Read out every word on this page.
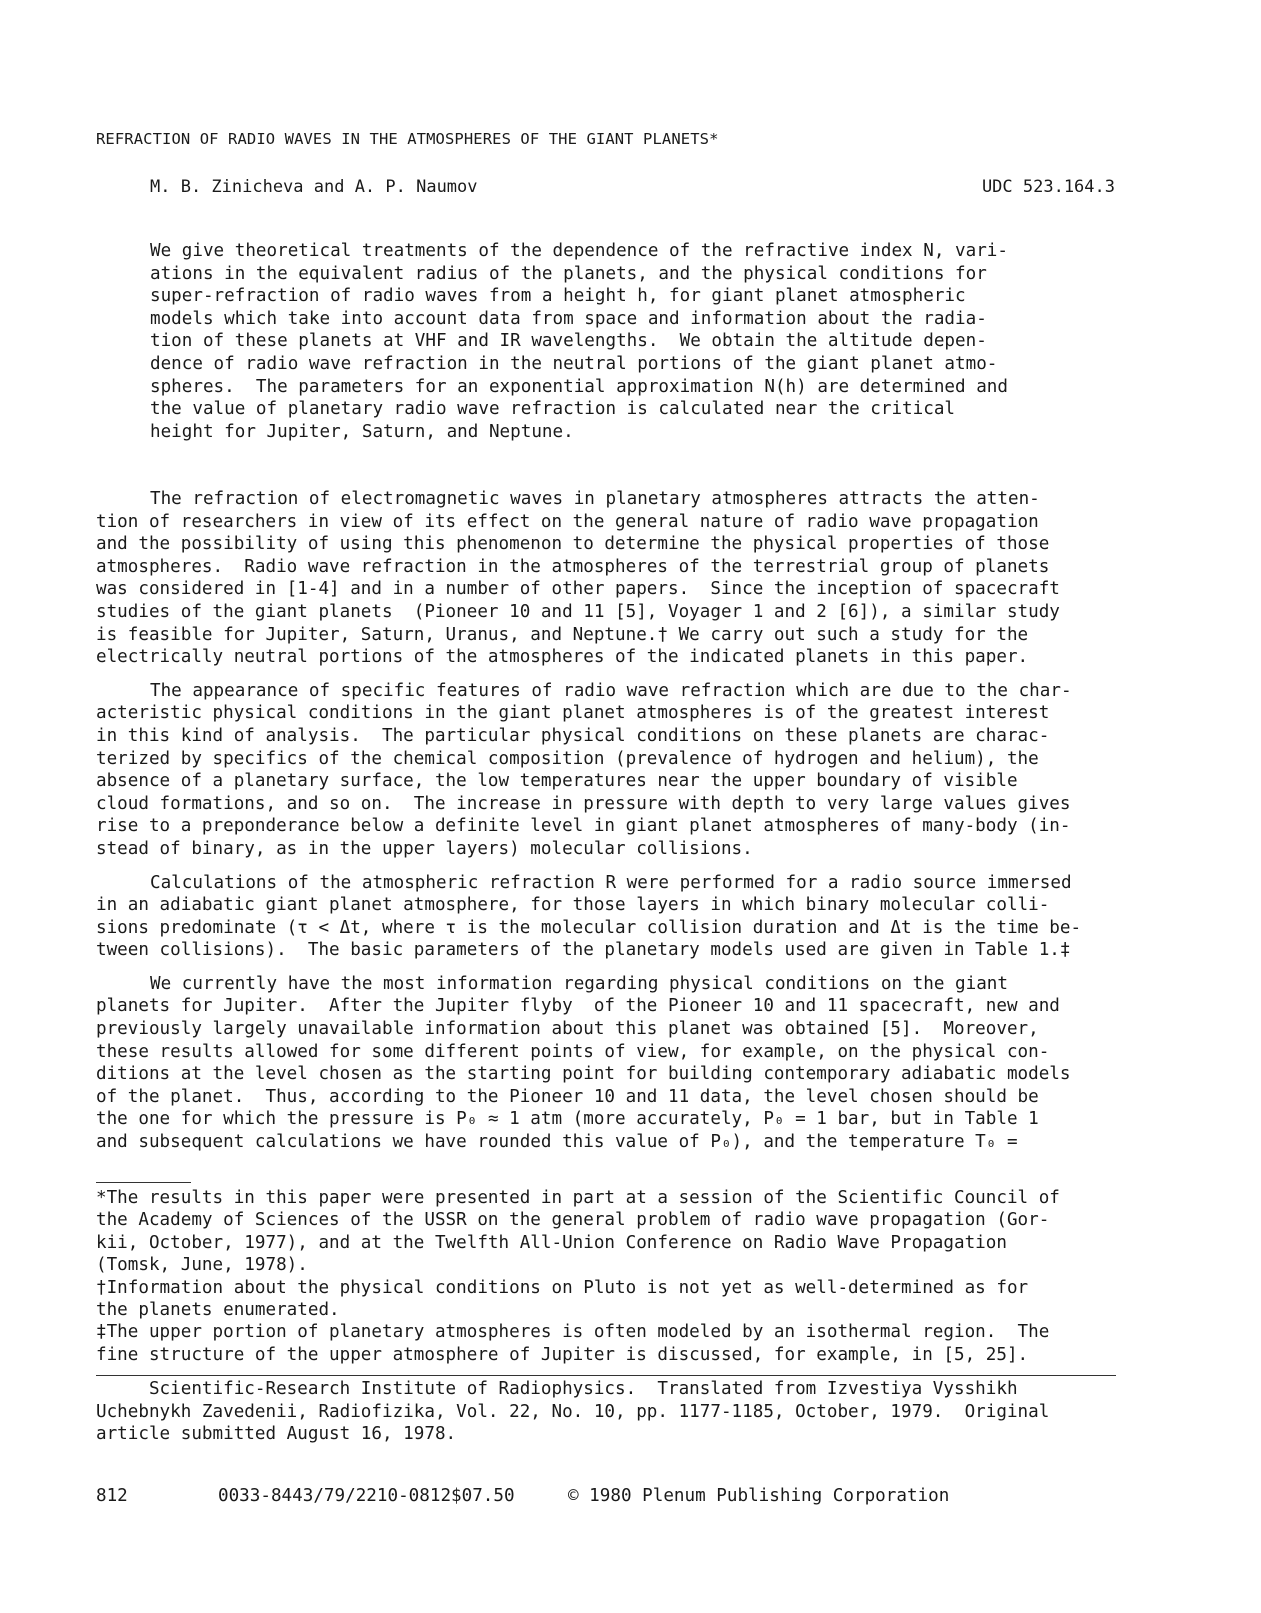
REFRACTION OF RADIO WAVES IN THE ATMOSPHERES OF THE GIANT PLANETS*
M. B. Zinicheva and A. P. Naumov	UDC 523.164.3
We give theoretical treatments of the dependence of the refractive index N, vari-
ations in the equivalent radius of the planets, and the physical conditions for
super-refraction of radio waves from a height h, for giant planet atmospheric
models which take into account data from space and information about the radia-
tion of these planets at VHF and IR wavelengths.  We obtain the altitude depen-
dence of radio wave refraction in the neutral portions of the giant planet atmo-
spheres.  The parameters for an exponential approximation N(h) are determined and
the value of planetary radio wave refraction is calculated near the critical
height for Jupiter, Saturn, and Neptune.
The refraction of electromagnetic waves in planetary atmospheres attracts the atten-
tion of researchers in view of its effect on the general nature of radio wave propagation
and the possibility of using this phenomenon to determine the physical properties of those
atmospheres.  Radio wave refraction in the atmospheres of the terrestrial group of planets
was considered in [1-4] and in a number of other papers.  Since the inception of spacecraft
studies of the giant planets  (Pioneer 10 and 11 [5], Voyager 1 and 2 [6]), a similar study
is feasible for Jupiter, Saturn, Uranus, and Neptune.† We carry out such a study for the
electrically neutral portions of the atmospheres of the indicated planets in this paper.
The appearance of specific features of radio wave refraction which are due to the char-
acteristic physical conditions in the giant planet atmospheres is of the greatest interest
in this kind of analysis.  The particular physical conditions on these planets are charac-
terized by specifics of the chemical composition (prevalence of hydrogen and helium), the
absence of a planetary surface, the low temperatures near the upper boundary of visible
cloud formations, and so on.  The increase in pressure with depth to very large values gives
rise to a preponderance below a definite level in giant planet atmospheres of many-body (in-
stead of binary, as in the upper layers) molecular collisions.
Calculations of the atmospheric refraction R were performed for a radio source immersed
in an adiabatic giant planet atmosphere, for those layers in which binary molecular colli-
sions predominate (τ < Δt, where τ is the molecular collision duration and Δt is the time be-
tween collisions).  The basic parameters of the planetary models used are given in Table 1.‡
We currently have the most information regarding physical conditions on the giant
planets for Jupiter.  After the Jupiter flyby  of the Pioneer 10 and 11 spacecraft, new and
previously largely unavailable information about this planet was obtained [5].  Moreover,
these results allowed for some different points of view, for example, on the physical con-
ditions at the level chosen as the starting point for building contemporary adiabatic models
of the planet.  Thus, according to the Pioneer 10 and 11 data, the level chosen should be
the one for which the pressure is P₀ ≈ 1 atm (more accurately, P₀ = 1 bar, but in Table 1
and subsequent calculations we have rounded this value of P₀), and the temperature T₀ =
*The results in this paper were presented in part at a session of the Scientific Council of
the Academy of Sciences of the USSR on the general problem of radio wave propagation (Gor-
kii, October, 1977), and at the Twelfth All-Union Conference on Radio Wave Propagation
(Tomsk, June, 1978).
†Information about the physical conditions on Pluto is not yet as well-determined as for
the planets enumerated.
‡The upper portion of planetary atmospheres is often modeled by an isothermal region.  The
fine structure of the upper atmosphere of Jupiter is discussed, for example, in [5, 25].
Scientific-Research Institute of Radiophysics.  Translated from Izvestiya Vysshikh
Uchebnykh Zavedenii, Radiofizika, Vol. 22, No. 10, pp. 1177-1185, October, 1979.  Original
article submitted August 16, 1978.
812	0033-8443/79/2210-0812$07.50	© 1980 Plenum Publishing Corporation
